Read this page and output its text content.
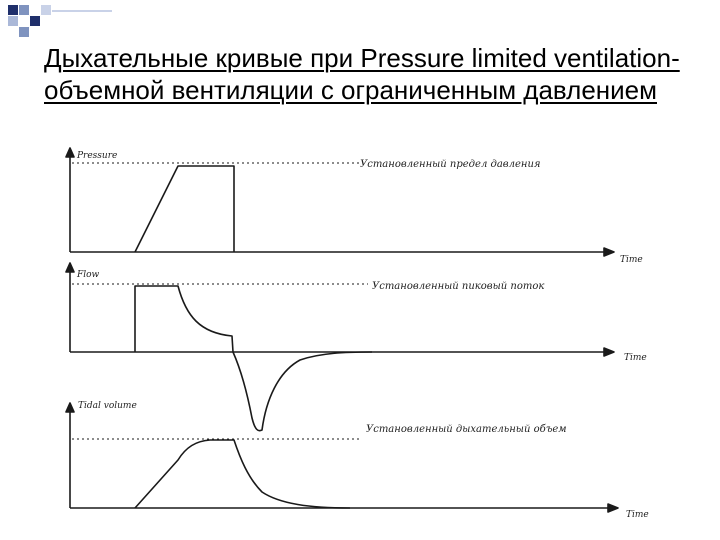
Дыхательные кривые при Pressure limited ventilation-объемной вентиляции с ограниченным давлением
Pressure
Time
Установленный предел давления
Flow
Time
Установленный пиковый поток
Tidal volume
Time
Установленный дыхательный объем
